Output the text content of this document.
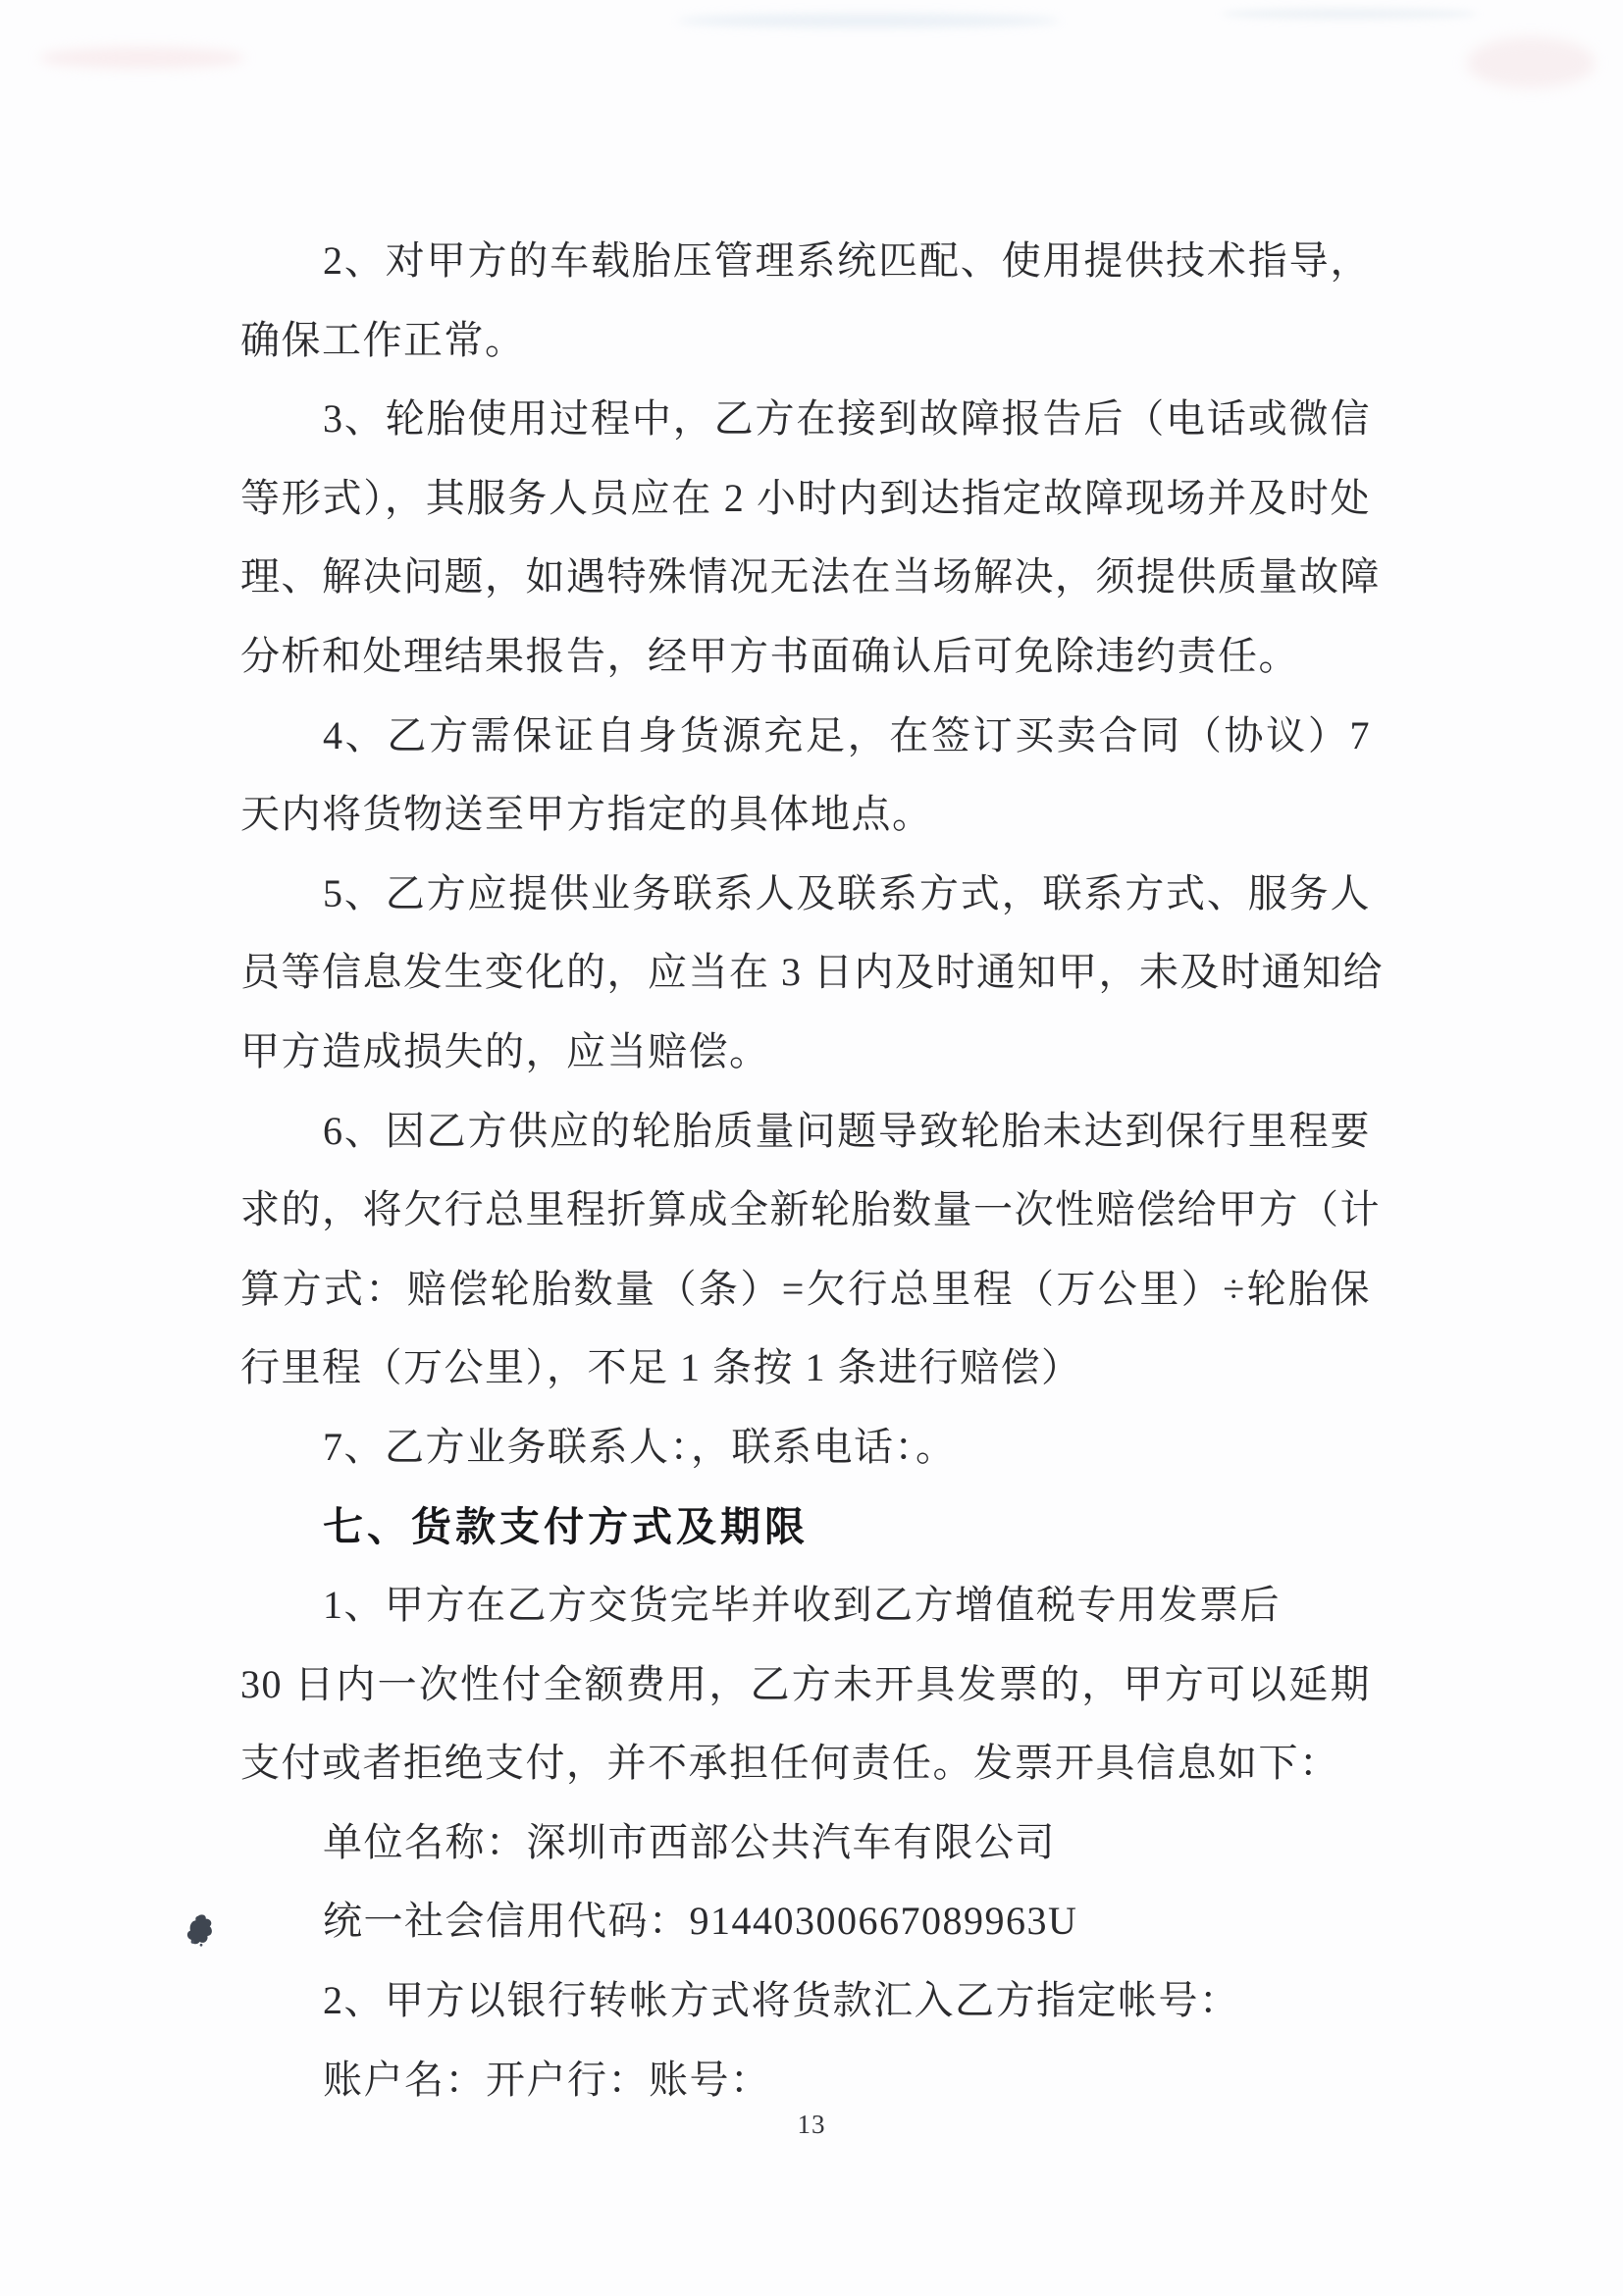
2、对甲方的车载胎压管理系统匹配、使用提供技术指导，
确保工作正常。
3、轮胎使用过程中，乙方在接到故障报告后（电话或微信
等形式），其服务人员应在 2 小时内到达指定故障现场并及时处
理、解决问题，如遇特殊情况无法在当场解决，须提供质量故障
分析和处理结果报告，经甲方书面确认后可免除违约责任。
4、乙方需保证自身货源充足，在签订买卖合同（协议）7
天内将货物送至甲方指定的具体地点。
5、乙方应提供业务联系人及联系方式，联系方式、服务人
员等信息发生变化的，应当在 3 日内及时通知甲，未及时通知给
甲方造成损失的，应当赔偿。
6、因乙方供应的轮胎质量问题导致轮胎未达到保行里程要
求的，将欠行总里程折算成全新轮胎数量一次性赔偿给甲方（计
算方式：赔偿轮胎数量（条）=欠行总里程（万公里）÷轮胎保
行里程（万公里），不足 1 条按 1 条进行赔偿）
7、乙方业务联系人：，联系电话：。
七、货款支付方式及期限
1、甲方在乙方交货完毕并收到乙方增值税专用发票后
30 日内一次性付全额费用，乙方未开具发票的，甲方可以延期
支付或者拒绝支付，并不承担任何责任。发票开具信息如下：
单位名称：深圳市西部公共汽车有限公司
统一社会信用代码：91440300667089963U
2、甲方以银行转帐方式将货款汇入乙方指定帐号：
账户名：开户行：账号：
13
